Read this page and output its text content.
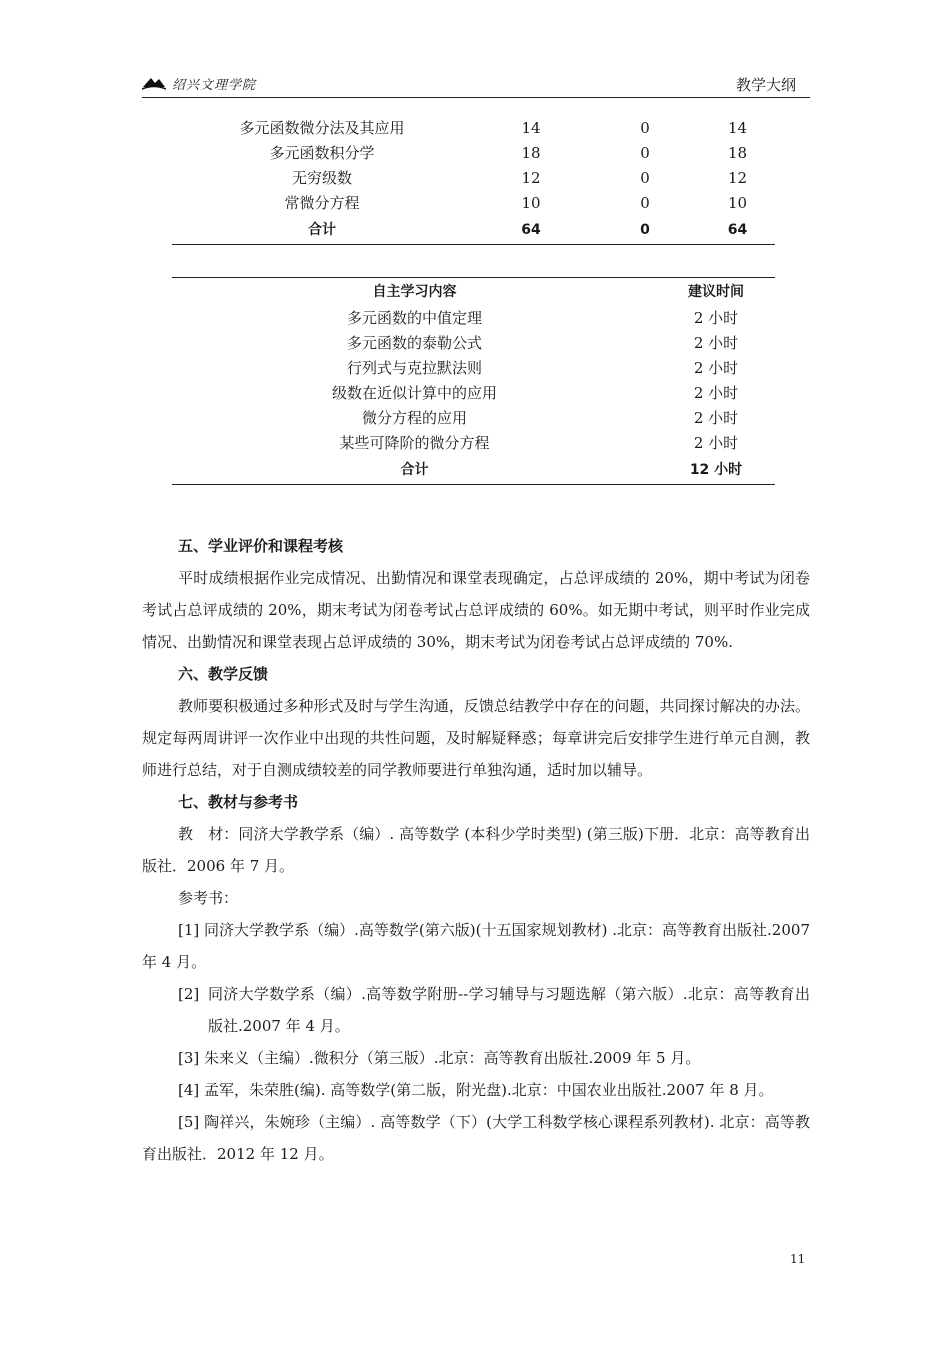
绍兴文理学院	教学大纲
多元函数微分法及其应用	14	0	14
多元函数积分学	18	0	18
无穷级数	12	0	12
常微分方程	10	0	10
合计	64	0	64
自主学习内容	建议时间
多元函数的中值定理	2 小时
多元函数的泰勒公式	2 小时
行列式与克拉默法则	2 小时
级数在近似计算中的应用	2 小时
微分方程的应用	2 小时
某些可降阶的微分方程	2 小时
合计	12 小时
五、学业评价和课程考核

平时成绩根据作业完成情况、出勤情况和课堂表现确定，占总评成绩的 20%，期中考试为闭卷考试占总评成绩的 20%，期末考试为闭卷考试占总评成绩的 60%。如无期中考试，则平时作业完成情况、出勤情况和课堂表现占总评成绩的 30%，期末考试为闭卷考试占总评成绩的 70%.

六、教学反馈

教师要积极通过多种形式及时与学生沟通，反馈总结教学中存在的问题，共同探讨解决的办法。规定每两周讲评一次作业中出现的共性问题，及时解疑释惑；每章讲完后安排学生进行单元自测，教师进行总结，对于自测成绩较差的同学教师要进行单独沟通，适时加以辅导。

七、教材与参考书

教　材：同济大学教学系（编）. 高等数学 (本科少学时类型) (第三版)下册．北京：高等教育出版社．2006 年 7 月。

参考书：

[1] 同济大学教学系（编）.高等数学(第六版)(十五国家规划教材) .北京：高等教育出版社.2007 年 4 月。

[2] 同济大学数学系（编）.高等数学附册--学习辅导与习题选解（第六版）.北京：高等教育出版社.2007 年 4 月。

[3] 朱来义（主编）.微积分（第三版）.北京：高等教育出版社.2009 年 5 月。

[4] 孟军，朱荣胜(编). 高等数学(第二版，附光盘).北京：中国农业出版社.2007 年 8 月。

[5] 陶祥兴，朱婉珍（主编）. 高等数学（下）(大学工科数学核心课程系列教材). 北京：高等教育出版社．2012 年 12 月。

11
